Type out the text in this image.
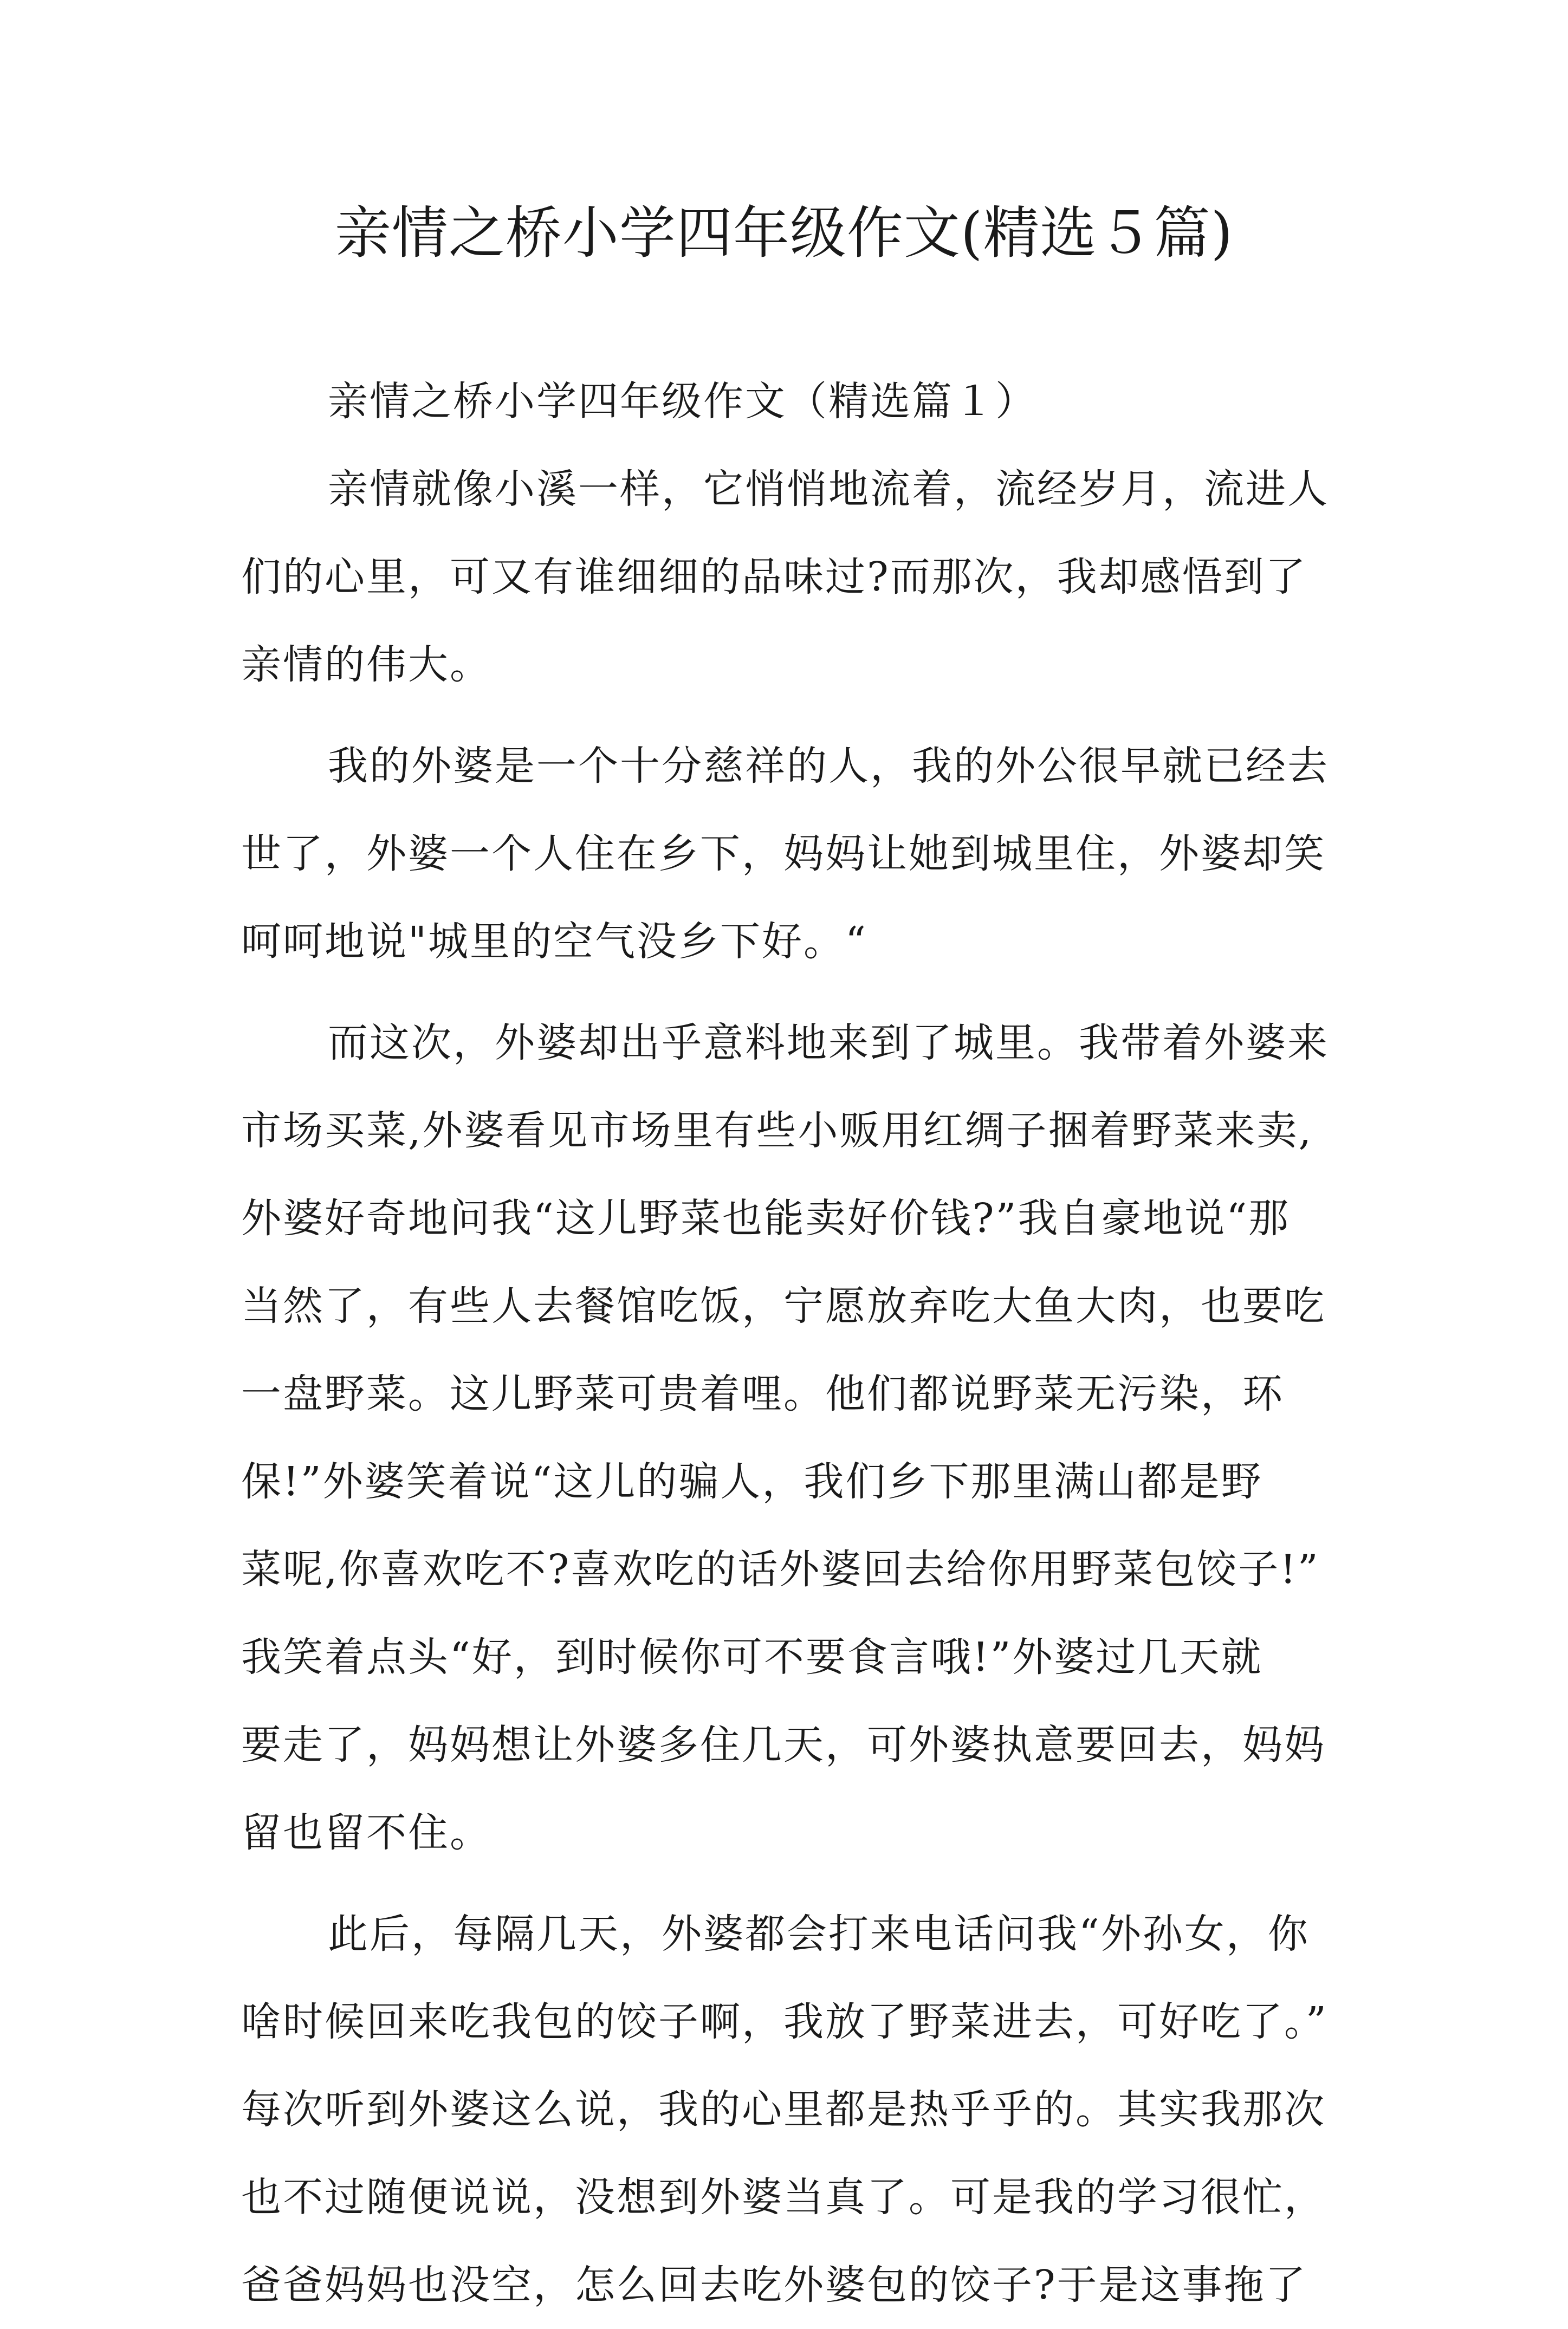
亲情之桥小学四年级作文(精选５篇)
亲情之桥小学四年级作文（精选篇１）
亲情就像小溪一样，它悄悄地流着，流经岁月，流进人
们的心里，可又有谁细细的品味过?而那次，我却感悟到了
亲情的伟大。
我的外婆是一个十分慈祥的人，我的外公很早就已经去
世了，外婆一个人住在乡下，妈妈让她到城里住，外婆却笑
呵呵地说"城里的空气没乡下好。“
而这次，外婆却出乎意料地来到了城里。我带着外婆来
市场买菜,外婆看见市场里有些小贩用红绸子捆着野菜来卖,
外婆好奇地问我“这儿野菜也能卖好价钱?”我自豪地说“那
当然了，有些人去餐馆吃饭，宁愿放弃吃大鱼大肉，也要吃
一盘野菜。这儿野菜可贵着哩。他们都说野菜无污染，环
保!”外婆笑着说“这儿的骗人，我们乡下那里满山都是野
菜呢,你喜欢吃不?喜欢吃的话外婆回去给你用野菜包饺子!”
我笑着点头“好，到时候你可不要食言哦!”外婆过几天就
要走了，妈妈想让外婆多住几天，可外婆执意要回去，妈妈
留也留不住。
此后，每隔几天，外婆都会打来电话问我“外孙女，你
啥时候回来吃我包的饺子啊，我放了野菜进去，可好吃了。”
每次听到外婆这么说，我的心里都是热乎乎的。其实我那次
也不过随便说说，没想到外婆当真了。可是我的学习很忙，
爸爸妈妈也没空，怎么回去吃外婆包的饺子?于是这事拖了
